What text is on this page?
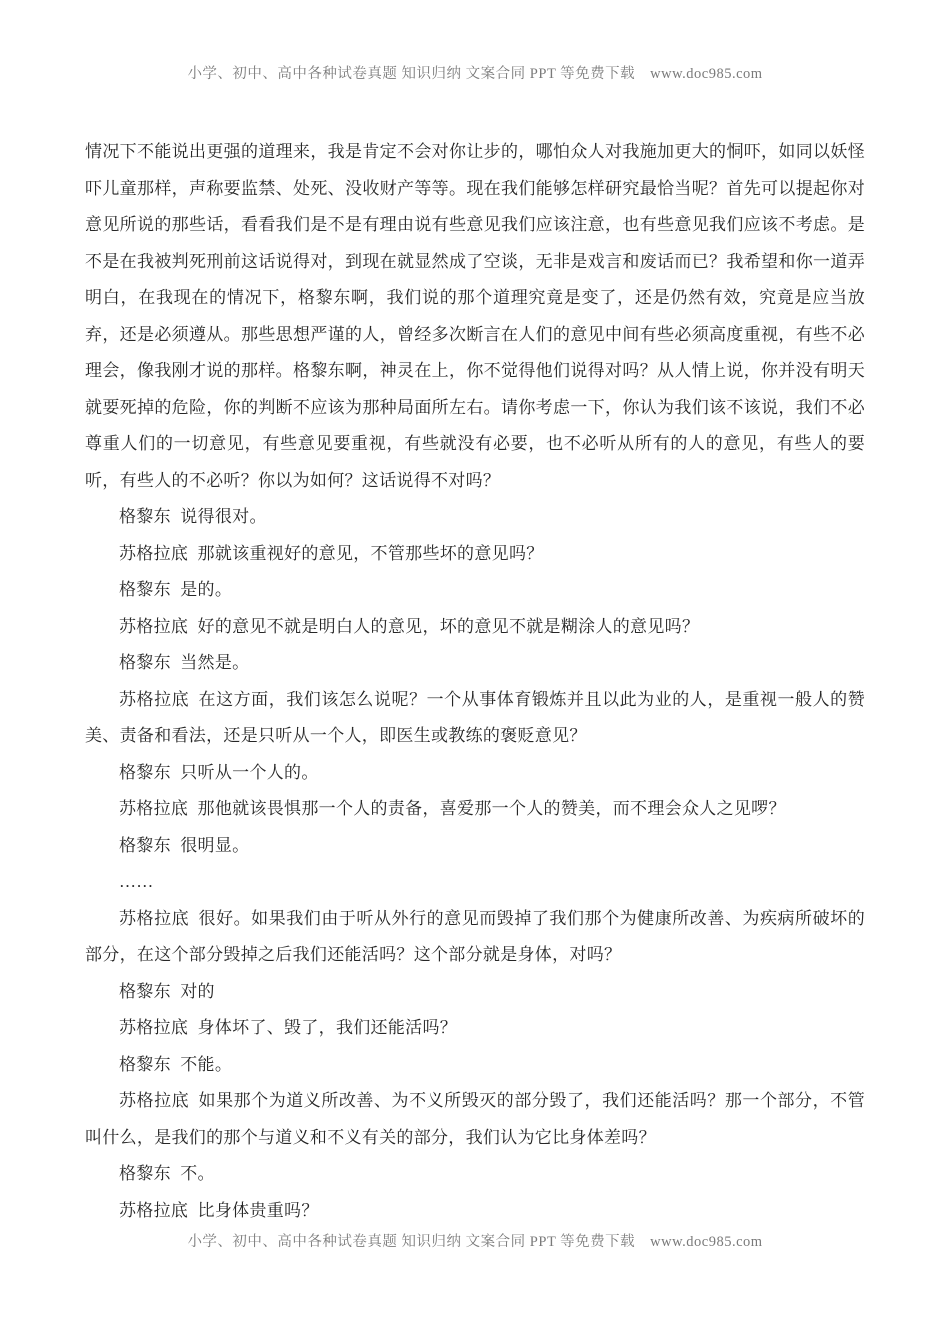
小学、初中、高中各种试卷真题 知识归纳 文案合同 PPT 等免费下载　www.doc985.com

情况下不能说出更强的道理来，我是肯定不会对你让步的，哪怕众人对我施加更大的恫吓，如同以妖怪吓儿童那样，声称要监禁、处死、没收财产等等。现在我们能够怎样研究最恰当呢？首先可以提起你对意见所说的那些话，看看我们是不是有理由说有些意见我们应该注意，也有些意见我们应该不考虑。是不是在我被判死刑前这话说得对，到现在就显然成了空谈，无非是戏言和废话而已？我希望和你一道弄明白，在我现在的情况下，格黎东啊，我们说的那个道理究竟是变了，还是仍然有效，究竟是应当放弃，还是必须遵从。那些思想严谨的人，曾经多次断言在人们的意见中间有些必须高度重视，有些不必理会，像我刚才说的那样。格黎东啊，神灵在上，你不觉得他们说得对吗？从人情上说，你并没有明天就要死掉的危险，你的判断不应该为那种局面所左右。请你考虑一下，你认为我们该不该说，我们不必尊重人们的一切意见，有些意见要重视，有些就没有必要，也不必听从所有的人的意见，有些人的要听，有些人的不必听？你以为如何？这话说得不对吗？

格黎东 说得很对。

苏格拉底 那就该重视好的意见，不管那些坏的意见吗？

格黎东 是的。

苏格拉底 好的意见不就是明白人的意见，坏的意见不就是糊涂人的意见吗？

格黎东 当然是。

苏格拉底 在这方面，我们该怎么说呢？一个从事体育锻炼并且以此为业的人，是重视一般人的赞美、责备和看法，还是只听从一个人，即医生或教练的褒贬意见？

格黎东 只听从一个人的。

苏格拉底 那他就该畏惧那一个人的责备，喜爱那一个人的赞美，而不理会众人之见啰？

格黎东 很明显。

……

苏格拉底 很好。如果我们由于听从外行的意见而毁掉了我们那个为健康所改善、为疾病所破坏的部分，在这个部分毁掉之后我们还能活吗？这个部分就是身体，对吗？

格黎东 对的

苏格拉底 身体坏了、毁了，我们还能活吗？

格黎东 不能。

苏格拉底 如果那个为道义所改善、为不义所毁灭的部分毁了，我们还能活吗？那一个部分，不管叫什么，是我们的那个与道义和不义有关的部分，我们认为它比身体差吗？

格黎东 不。

苏格拉底 比身体贵重吗？

小学、初中、高中各种试卷真题 知识归纳 文案合同 PPT 等免费下载　www.doc985.com
